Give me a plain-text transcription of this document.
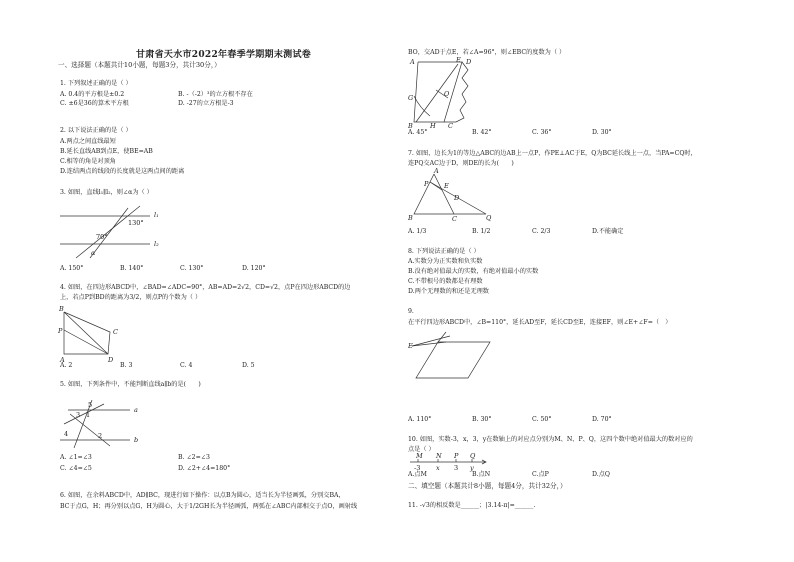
甘肃省天水市2022年春季学期期末测试卷
一、选择题（本题共计10小题，每题3分，共计30分，）
1. 下列叙述正确的是（ ）
A. 0.4的平方根是±0.2	B. -（-2）³的立方根不存在
C. ±6是36的算术平方根	D. -27的立方根是-3
2. 以下说法正确的是（ ）
A.两点之间直线最短
B.延长直线AB到点E，使BE=AB
C.相等的角是对顶角
D.连结两点的线段的长度就是这两点间的距离
3. 如图，直线l₁∥l₂，则∠α为（ ）
l₁
l₂
130°
70°
α
A. 150°	B. 140°	C. 130°	D. 120°
4. 如图，在四边形ABCD中，∠BAD=∠ADC=90°，AB=AD=2√2，CD=√2，点P在四边形ABCD的边
上，若点P到BD的距离为3/2，则点P的个数为（ ）
B
P	C
A	D
A. 2	B. 3	C. 4	D. 5
5. 如图，下列条件中，不能判断直线a∥b的是(　　)
a
b
5
1
3
4	2
A. ∠1=∠3	B. ∠2=∠3
C. ∠4=∠5	D. ∠2+∠4=180°
6. 如图，在余料ABCD中，AD∥BC，现进行如下操作：以点B为圆心，适当长为半径画弧，分别交BA，
BC于点G，H；再分别以点G，H为圆心，大于1/2GH长为半径画弧，两弧在∠ABC内部相交于点O，画射线
BO，交AD于点E，若∠A=96°，则∠EBC的度数为（ ）
A	E D
G	O
B	H C
A. 45°	B. 42°	C. 36°	D. 30°
7. 如图，边长为1的等边△ABC的边AB上一点P，作PE⊥AC于E，Q为BC延长线上一点，当PA=CQ时，
连PQ交AC边于D，则DE的长为(　　)
A
E
P
D
B	C	Q
A. 1/3	B. 1/2	C. 2/3	D.不能确定
8. 下列说法正确的是（ ）
A.实数分为正实数和负实数
B.没有绝对值最大的实数，有绝对值最小的实数
C.不带根号的数都是有理数
D.两个无理数的和还是无理数
9.
在平行四边形ABCD中，∠B=110°，延长AD至F，延长CD至E，连接EF，则∠E+∠F=（　）
E
A. 110°	B. 30°	C. 50°	D. 70°
10. 如图，实数-3，x，3，y在数轴上的对应点分别为M、N、P、Q，这四个数中绝对值最大的数对应的
点是（ ）
M N P Q
-3 x 3 y
A.点M	B.点N	C.点P	D.点Q
二、填空题（本题共计8小题，每题4分，共计32分，）
11. -√3的相反数是______；|3.14-π|=______.
